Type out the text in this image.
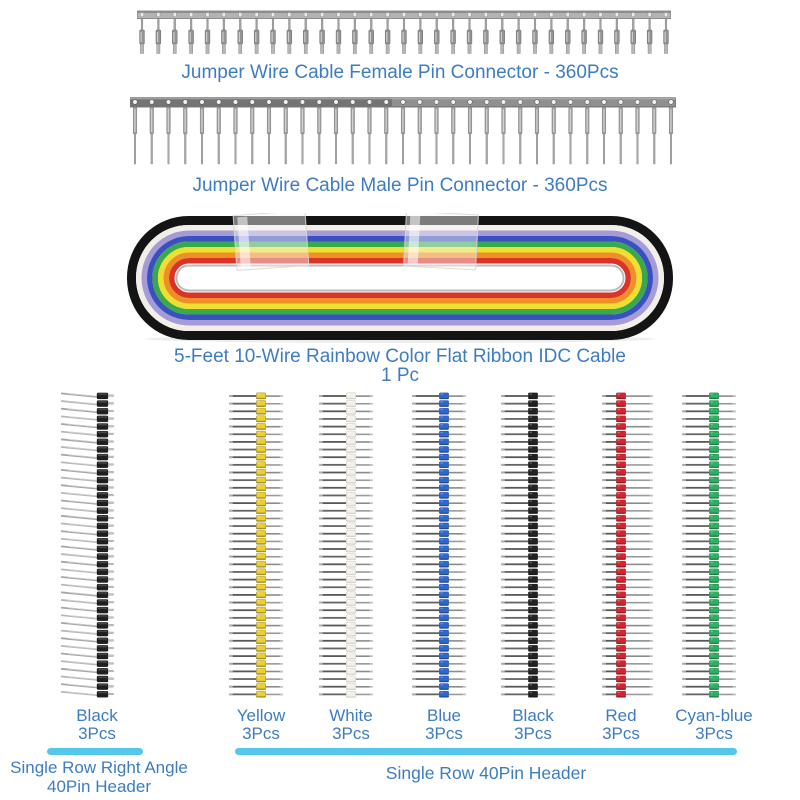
Jumper Wire Cable Female Pin Connector - 360Pcs
Jumper Wire Cable Male Pin Connector - 360Pcs
5-Feet 10-Wire Rainbow Color Flat Ribbon IDC Cable
1 Pc
Black
3Pcs
Yellow
3Pcs
White
3Pcs
Blue
3Pcs
Black
3Pcs
Red
3Pcs
Cyan-blue
3Pcs
Single Row Right Angle
40Pin Header
Single Row 40Pin Header
